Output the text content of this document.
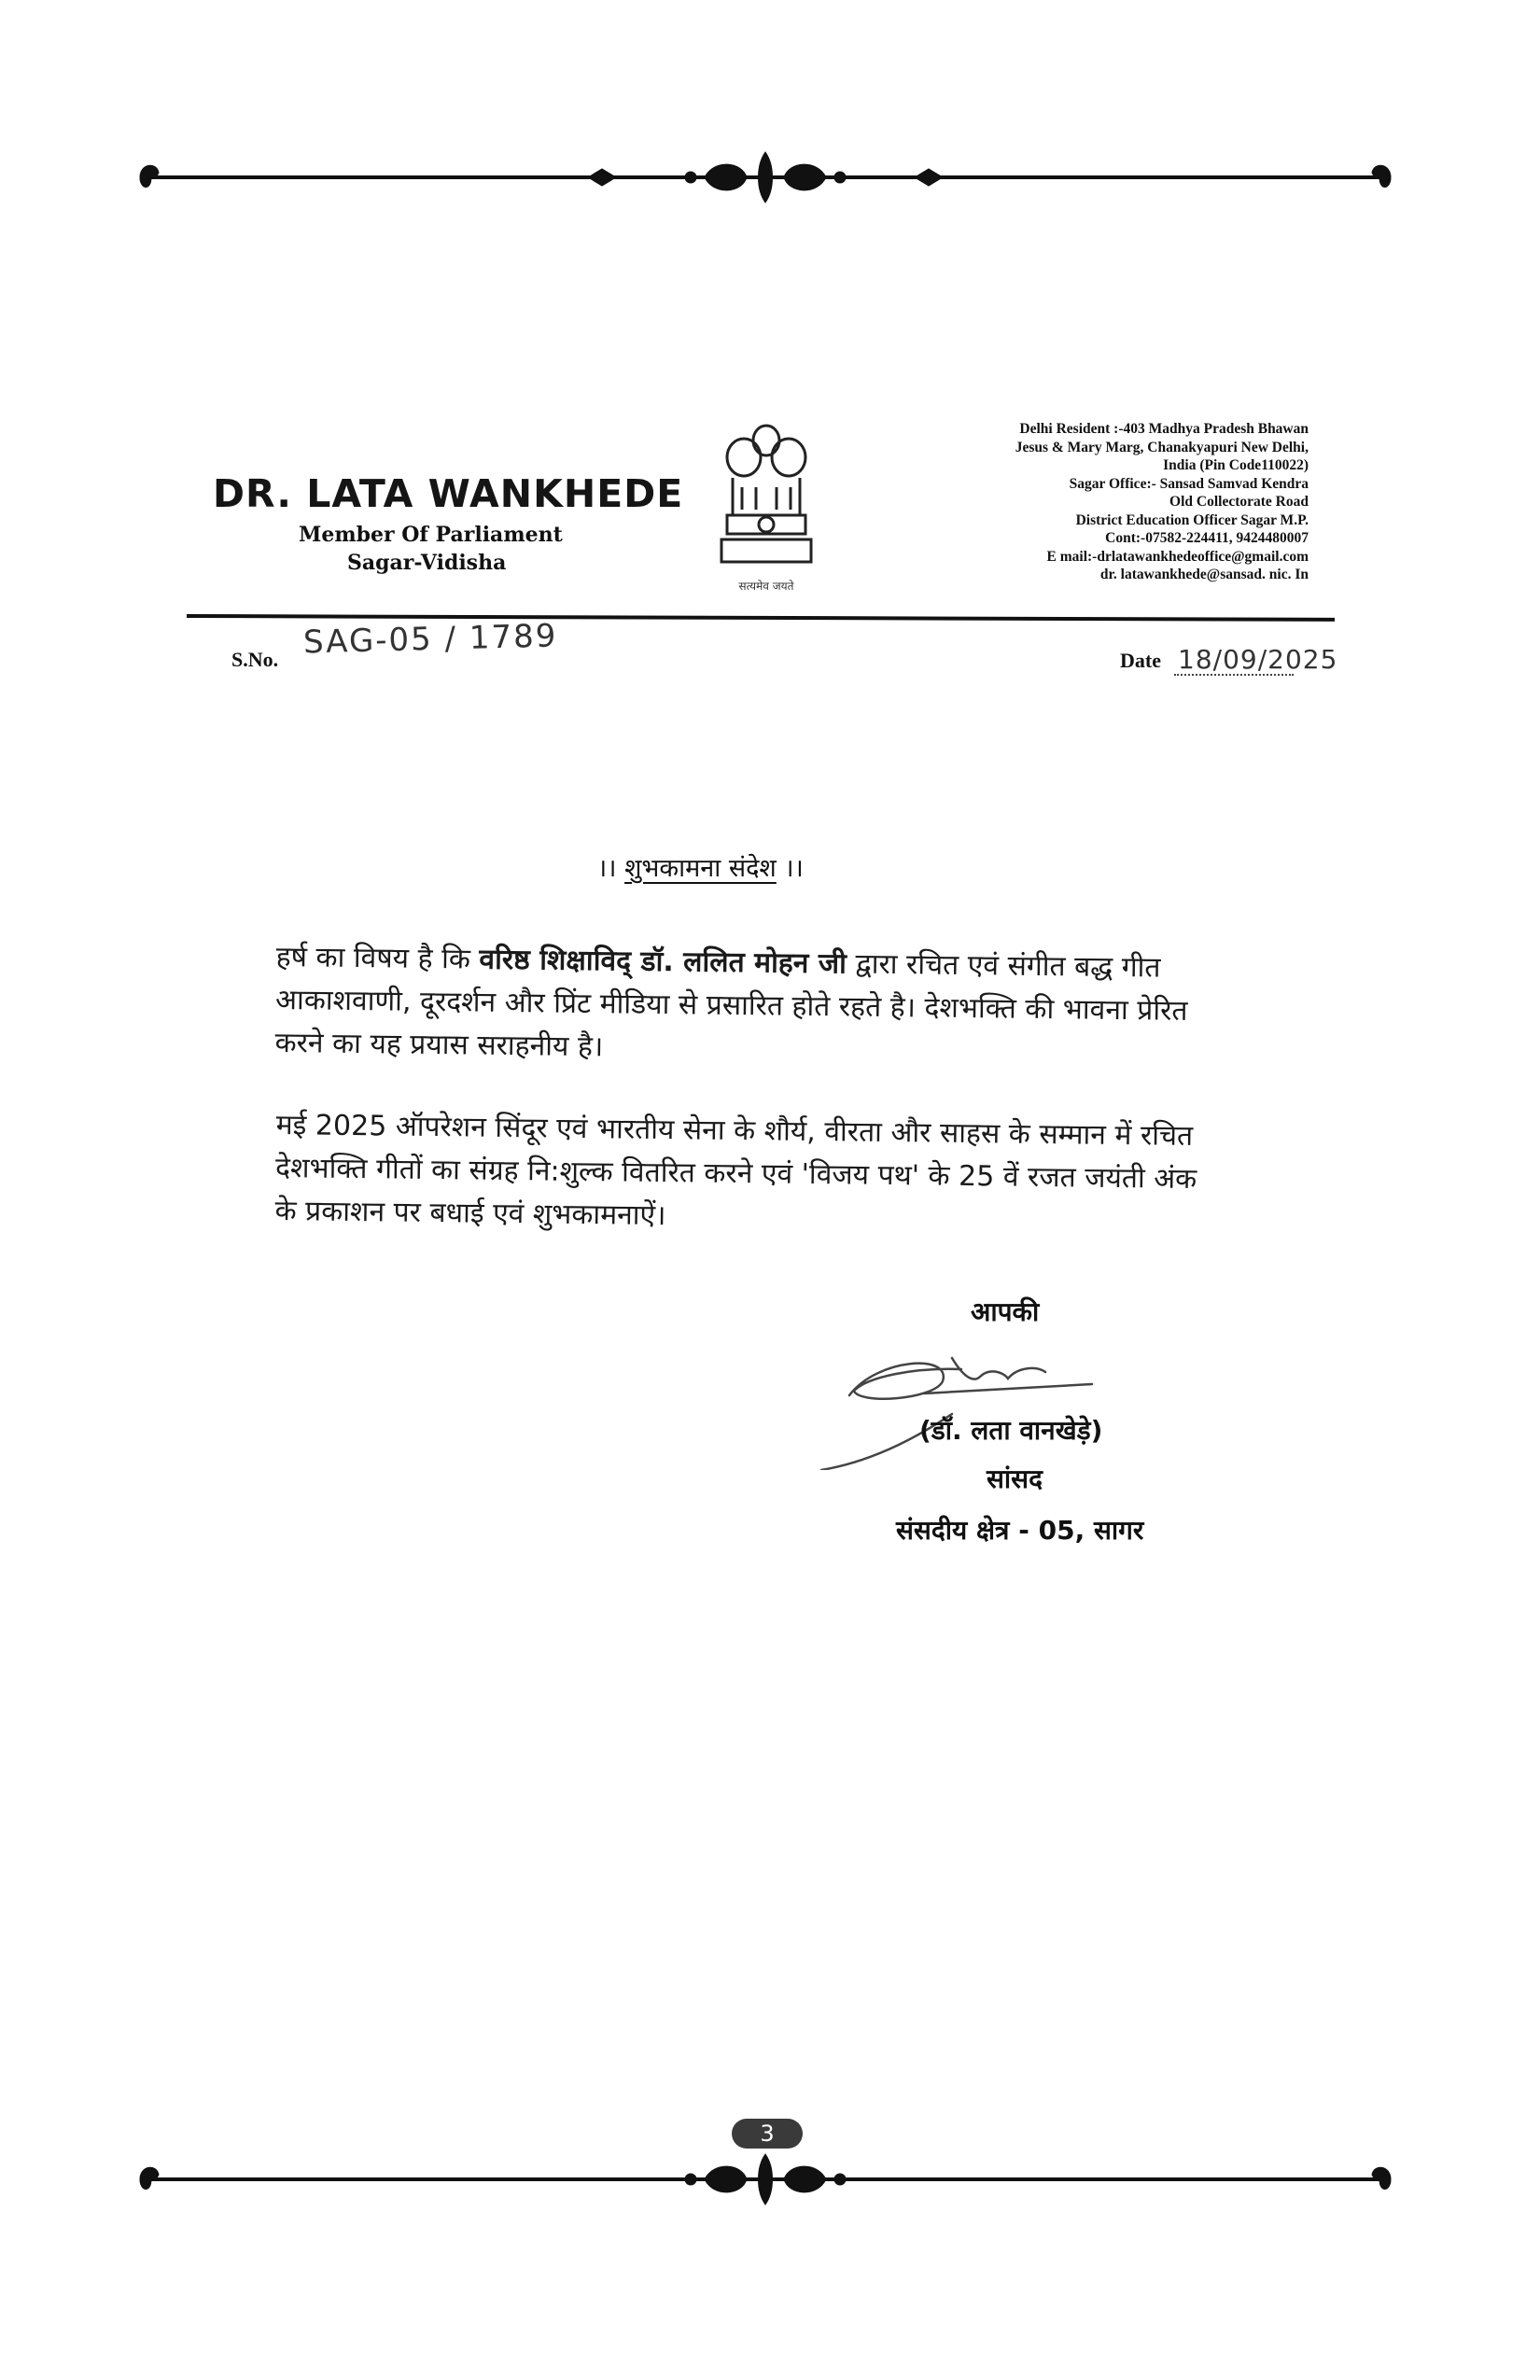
DR. LATA WANKHEDE
Member Of Parliament
Sagar-Vidisha
सत्यमेव जयते
Delhi Resident :-403 Madhya Pradesh Bhawan
Jesus & Mary Marg, Chanakyapuri New Delhi,
India (Pin Code110022)
Sagar Office:- Sansad Samvad Kendra
Old Collectorate Road
District Education Officer Sagar M.P.
Cont:-07582-224411, 9424480007
E mail:-drlatawankhedeoffice@gmail.com
dr. latawankhede@sansad. nic. In
S.No. SAG-05 / 1789	Date 18/09/2025
।। शुभकामना संदेश ।।
हर्ष का विषय है कि वरिष्ठ शिक्षाविद् डॉ. ललित मोहन जी द्वारा रचित एवं संगीत बद्ध गीत आकाशवाणी, दूरदर्शन और प्रिंट मीडिया से प्रसारित होते रहते है। देशभक्ति की भावना प्रेरित करने का यह प्रयास सराहनीय है।
मई 2025 ऑपरेशन सिंदूर एवं भारतीय सेना के शौर्य, वीरता और साहस के सम्मान में रचित देशभक्ति गीतों का संग्रह नि:शुल्क वितरित करने एवं 'विजय पथ' के 25 वें रजत जयंती अंक के प्रकाशन पर बधाई एवं शुभकामनाऐं।
आपकी
(डॉ. लता वानखेड़े)
सांसद
संसदीय क्षेत्र - 05, सागर
3
